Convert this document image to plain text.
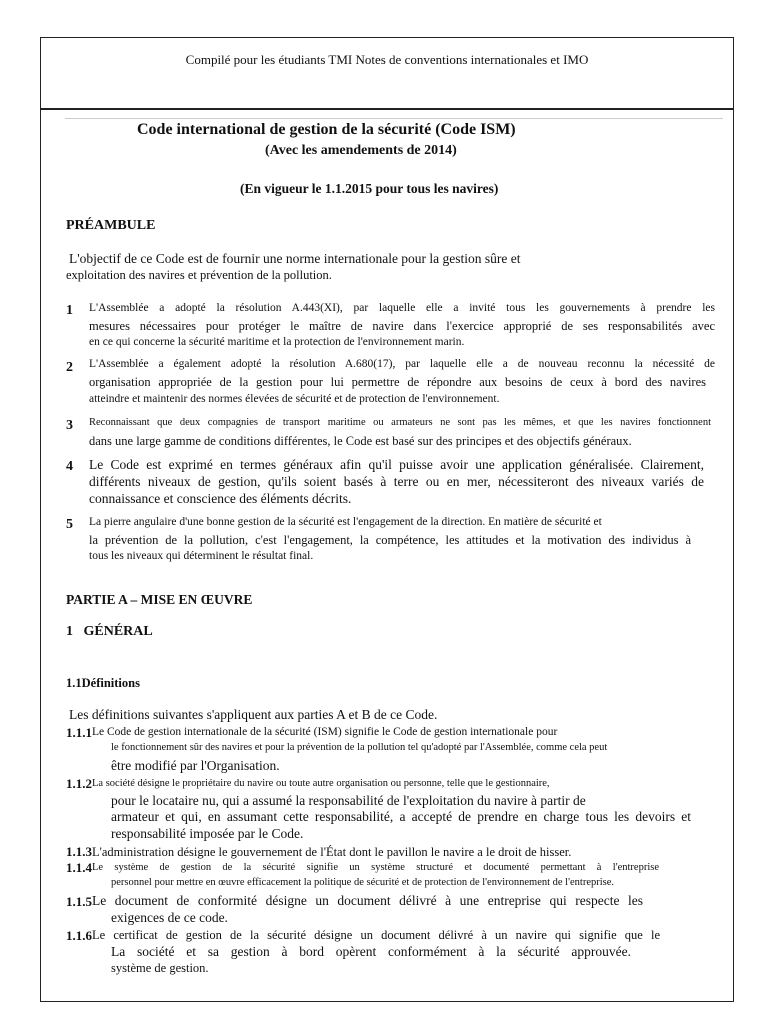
Compilé pour les étudiants TMI Notes de conventions internationales et IMO
Code international de gestion de la sécurité (Code ISM)
(Avec les amendements de 2014)
(En vigueur le 1.1.2015 pour tous les navires)
PRÉAMBULE
L'objectif de ce Code est de fournir une norme internationale pour la gestion sûre et
exploitation des navires et prévention de la pollution.
1 L'Assemblée a adopté la résolution A.443(XI), par laquelle elle a invité tous les gouvernements à prendre les
mesures nécessaires pour protéger le maître de navire dans l'exercice approprié de ses responsabilités avec
en ce qui concerne la sécurité maritime et la protection de l'environnement marin.
2 L'Assemblée a également adopté la résolution A.680(17), par laquelle elle a de nouveau reconnu la nécessité de
organisation appropriée de la gestion pour lui permettre de répondre aux besoins de ceux à bord des navires
atteindre et maintenir des normes élevées de sécurité et de protection de l'environnement.
3 Reconnaissant que deux compagnies de transport maritime ou armateurs ne sont pas les mêmes, et que les navires fonctionnent
dans une large gamme de conditions différentes, le Code est basé sur des principes et des objectifs généraux.
4 Le Code est exprimé en termes généraux afin qu'il puisse avoir une application généralisée. Clairement,
différents niveaux de gestion, qu'ils soient basés à terre ou en mer, nécessiteront des niveaux variés de
connaissance et conscience des éléments décrits.
5 La pierre angulaire d'une bonne gestion de la sécurité est l'engagement de la direction. En matière de sécurité et
la prévention de la pollution, c'est l'engagement, la compétence, les attitudes et la motivation des individus à
tous les niveaux qui déterminent le résultat final.
PARTIE A – MISE EN ŒUVRE
1   GÉNÉRAL
1.1Définitions
Les définitions suivantes s'appliquent aux parties A et B de ce Code.
1.1.1 Le Code de gestion internationale de la sécurité (ISM) signifie le Code de gestion internationale pour
le fonctionnement sûr des navires et pour la prévention de la pollution tel qu'adopté par l'Assemblée, comme cela peut
être modifié par l'Organisation.
1.1.2 La société désigne le propriétaire du navire ou toute autre organisation ou personne, telle que le gestionnaire,
pour le locataire nu, qui a assumé la responsabilité de l'exploitation du navire à partir de
armateur et qui, en assumant cette responsabilité, a accepté de prendre en charge tous les devoirs et
responsabilité imposée par le Code.
1.1.3 L'administration désigne le gouvernement de l'État dont le pavillon le navire a le droit de hisser.
1.1.4 Le système de gestion de la sécurité signifie un système structuré et documenté permettant à l'entreprise
personnel pour mettre en œuvre efficacement la politique de sécurité et de protection de l'environnement de l'entreprise.
1.1.5 Le document de conformité désigne un document délivré à une entreprise qui respecte les
exigences de ce code.
1.1.6 Le certificat de gestion de la sécurité désigne un document délivré à un navire qui signifie que le
La société et sa gestion à bord opèrent conformément à la sécurité approuvée.
système de gestion.
